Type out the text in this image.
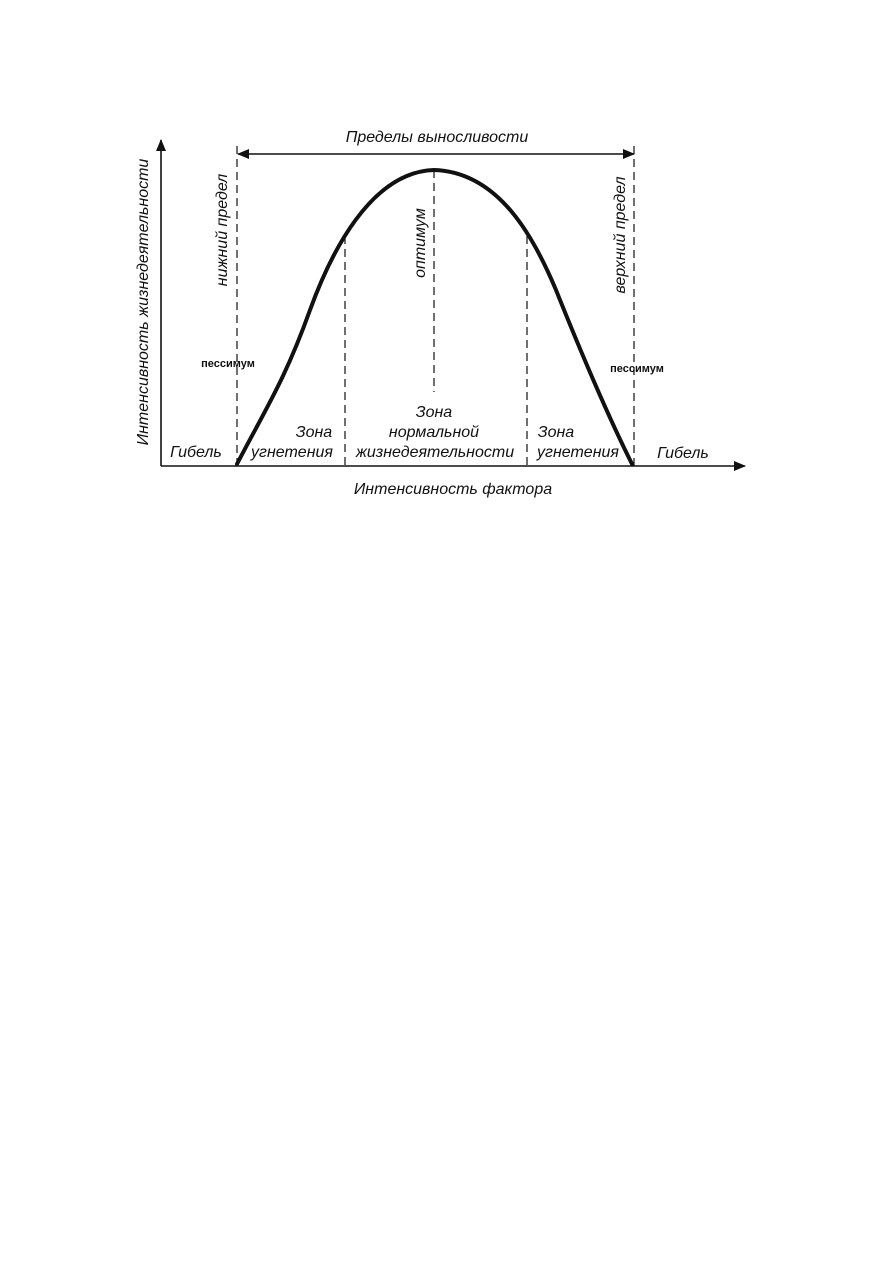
Пределы выносливости
Интенсивность жизнедеятельности	нижний предел	верхний предел
оптимум
пессимум	пессимум
Гибель	Гибель
Зона
угнетения
Зона
нормальной
жизнедеятельности
Зона
угнетения
Интенсивность фактора
